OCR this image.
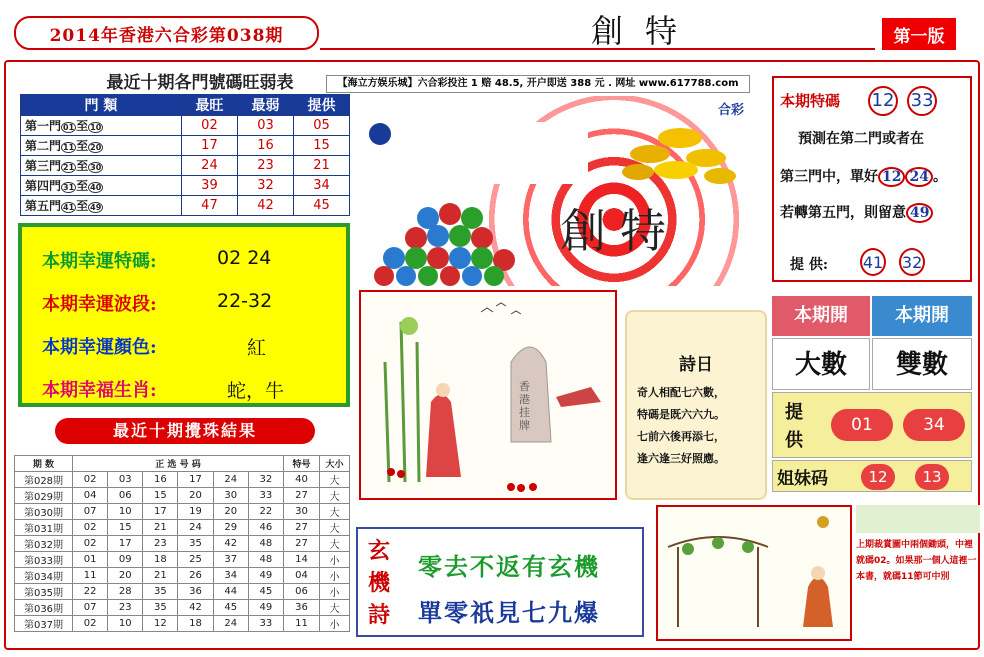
2014年香港六合彩第038期	創特	第一版
最近十期各門號碼旺弱表
門 類	最旺	最弱	提供
第一門 01 至 10	02	03	05
第二門 11 至 20	17	16	15
第三門 21 至 30	24	23	21
第四門 31 至 40	39	32	34
第五門 41 至 49	47	42	45
本期幸運特碼:	02 24
本期幸運波段:	22-32
本期幸運顏色:	紅
本期幸福生肖:	蛇，牛
最近十期攪珠結果
期 数	正 选 号 码						特号	大小
第028期	02	03	16	17	24	32	40	大
第029期	04	06	15	20	30	33	27	大
第030期	07	10	17	19	20	22	30	大
第031期	02	15	21	24	29	46	27	大
第032期	02	17	23	35	42	48	27	大
第033期	01	09	18	25	37	48	14	小
第034期	11	20	21	26	34	49	04	小
第035期	22	28	35	36	44	45	06	小
第036期	07	23	35	42	45	49	36	大
第037期	02	10	12	18	24	33	11	小
合彩
創特
【海立方娱乐城】六合彩投注 1 赔 48.5, 开户即送 388 元 . 网址 www.617788.com
本期特碼 12 33
預測在第二門或者在
第三門中，單好 12 24 。
若轉第五門，則留意 49
提 供: 41 32
香港挂牌
詩日
奇人相配七六數，
特碼是既六六九。
七前六後再添七，
逢六逢三好照應。
本期開	本期開
大數	雙數
提供
01	34
姐妹码	12	13
玄機詩
零去不返有玄機
單零祇見七九爆
上期裁賞圖中兩個鋤頭，中裡就碼02。如果那一個人這裡一本書，就碼11節可中別
